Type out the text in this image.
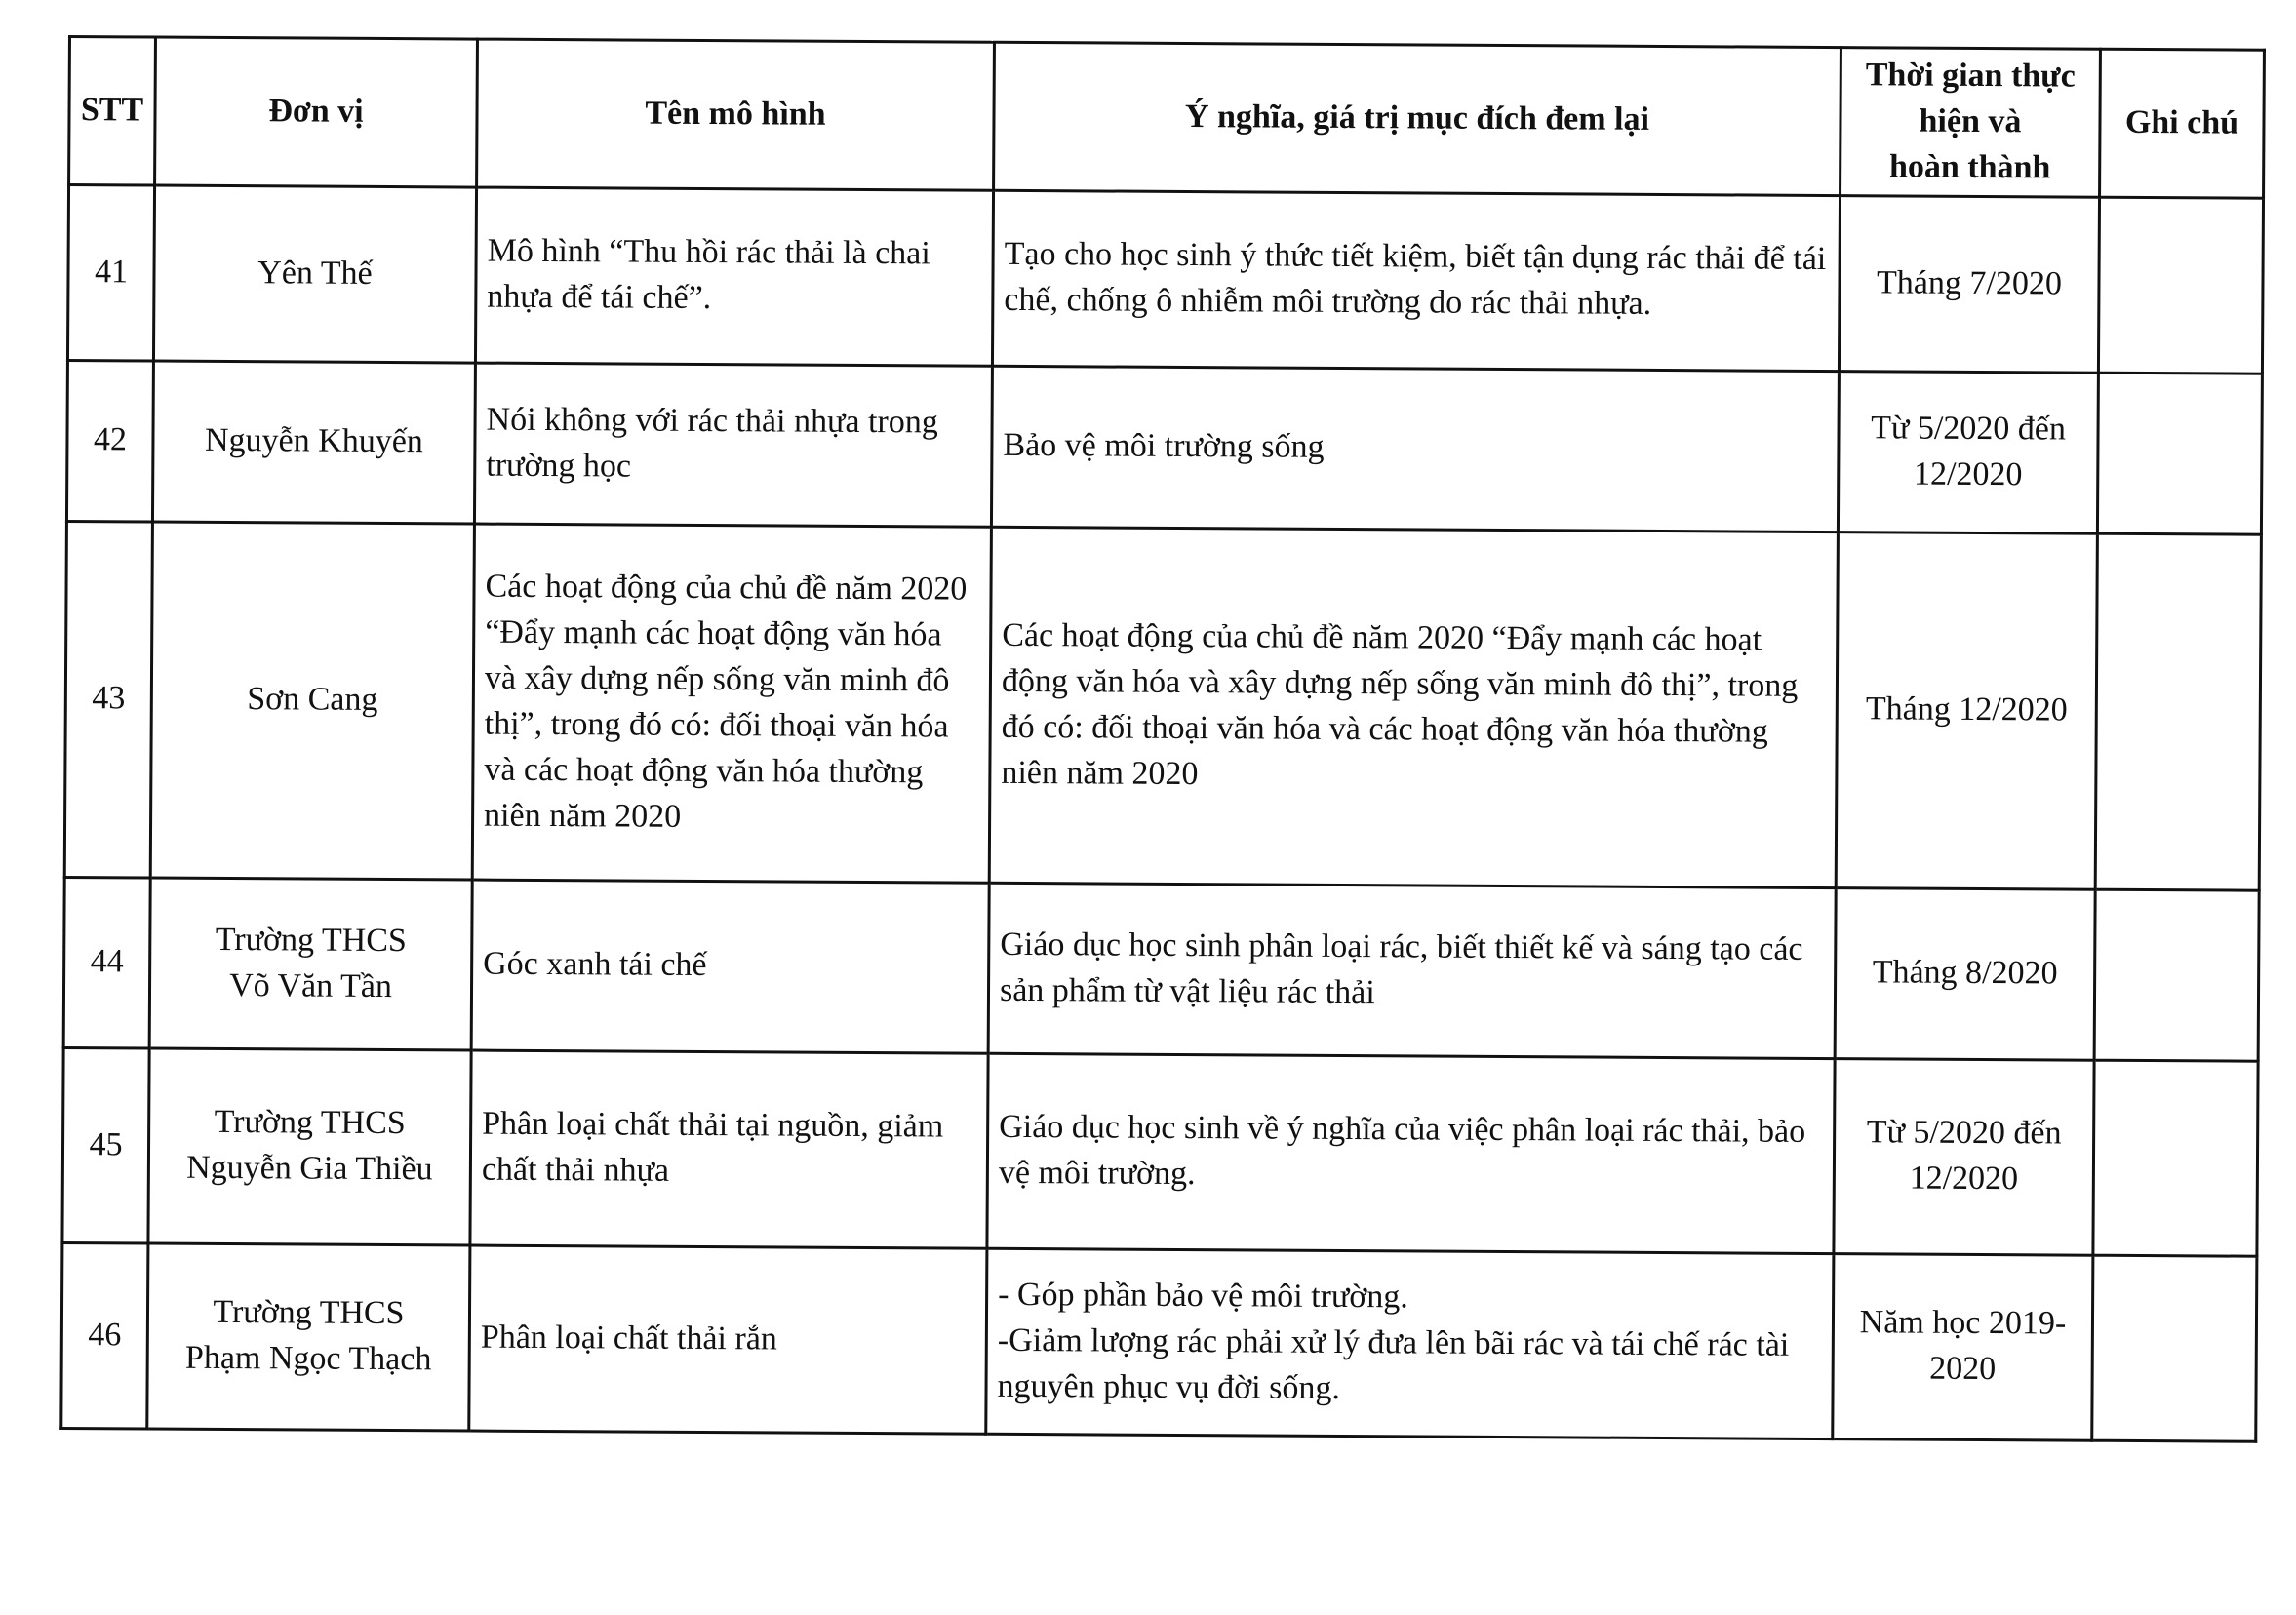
STT	Đơn vị	Tên mô hình	Ý nghĩa, giá trị mục đích đem lại	Thời gian thực
hiện và
hoàn thành	Ghi chú
41	Yên Thế	Mô hình “Thu hồi rác thải là chai nhựa để tái chế”.	Tạo cho học sinh ý thức tiết kiệm, biết tận dụng rác thải để tái chế, chống ô nhiễm môi trường do rác thải nhựa.	Tháng 7/2020	
42	Nguyễn Khuyến	Nói không với rác thải nhựa trong trường học	Bảo vệ môi trường sống	Từ 5/2020 đến
12/2020	
43	Sơn Cang	Các hoạt động của chủ đề năm 2020 “Đẩy mạnh các hoạt động văn hóa và xây dựng nếp sống văn minh đô thị”, trong đó có: đối thoại văn hóa và các hoạt động văn hóa thường niên năm 2020	Các hoạt động của chủ đề năm 2020 “Đẩy mạnh các hoạt động văn hóa và xây dựng nếp sống văn minh đô thị”, trong đó có: đối thoại văn hóa và các hoạt động văn hóa thường niên năm 2020	Tháng 12/2020	
44	Trường THCS
Võ Văn Tần	Góc xanh tái chế	Giáo dục học sinh phân loại rác, biết thiết kế và sáng tạo các sản phẩm từ vật liệu rác thải	Tháng 8/2020	
45	Trường THCS
Nguyễn Gia Thiều	Phân loại chất thải tại nguồn, giảm chất thải nhựa	Giáo dục học sinh về ý nghĩa của việc phân loại rác thải, bảo vệ môi trường.	Từ 5/2020 đến
12/2020	
46	Trường THCS
Phạm Ngọc Thạch	Phân loại chất thải rắn	- Góp phần bảo vệ môi trường.
-Giảm lượng rác phải xử lý đưa lên bãi rác và tái chế rác tài nguyên phục vụ đời sống.	Năm học 2019-
2020	
